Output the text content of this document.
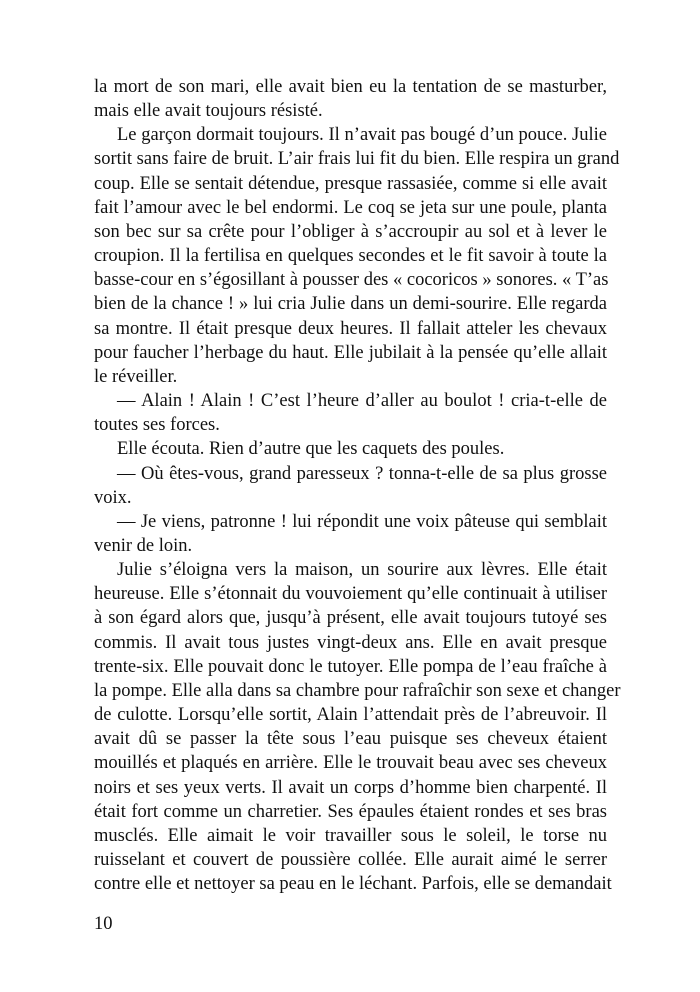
la mort de son mari, elle avait bien eu la tentation de se masturber,
mais elle avait toujours résisté.
Le garçon dormait toujours. Il n’avait pas bougé d’un pouce. Julie
sortit sans faire de bruit. L’air frais lui fit du bien. Elle respira un grand
coup. Elle se sentait détendue, presque rassasiée, comme si elle avait
fait l’amour avec le bel endormi. Le coq se jeta sur une poule, planta
son bec sur sa crête pour l’obliger à s’accroupir au sol et à lever le
croupion. Il la fertilisa en quelques secondes et le fit savoir à toute la
basse-cour en s’égosillant à pousser des « cocoricos » sonores. « T’as
bien de la chance ! » lui cria Julie dans un demi-sourire. Elle regarda
sa montre. Il était presque deux heures. Il fallait atteler les chevaux
pour faucher l’herbage du haut. Elle jubilait à la pensée qu’elle allait
le réveiller.
— Alain ! Alain ! C’est l’heure d’aller au boulot ! cria-t-elle de
toutes ses forces.
Elle écouta. Rien d’autre que les caquets des poules.
— Où êtes-vous, grand paresseux ? tonna-t-elle de sa plus grosse
voix.
— Je viens, patronne ! lui répondit une voix pâteuse qui semblait
venir de loin.
Julie s’éloigna vers la maison, un sourire aux lèvres. Elle était
heureuse. Elle s’étonnait du vouvoiement qu’elle continuait à utiliser
à son égard alors que, jusqu’à présent, elle avait toujours tutoyé ses
commis. Il avait tous justes vingt-deux ans. Elle en avait presque
trente-six. Elle pouvait donc le tutoyer. Elle pompa de l’eau fraîche à
la pompe. Elle alla dans sa chambre pour rafraîchir son sexe et changer
de culotte. Lorsqu’elle sortit, Alain l’attendait près de l’abreuvoir. Il
avait dû se passer la tête sous l’eau puisque ses cheveux étaient
mouillés et plaqués en arrière. Elle le trouvait beau avec ses cheveux
noirs et ses yeux verts. Il avait un corps d’homme bien charpenté. Il
était fort comme un charretier. Ses épaules étaient rondes et ses bras
musclés. Elle aimait le voir travailler sous le soleil, le torse nu
ruisselant et couvert de poussière collée. Elle aurait aimé le serrer
contre elle et nettoyer sa peau en le léchant. Parfois, elle se demandait
10
